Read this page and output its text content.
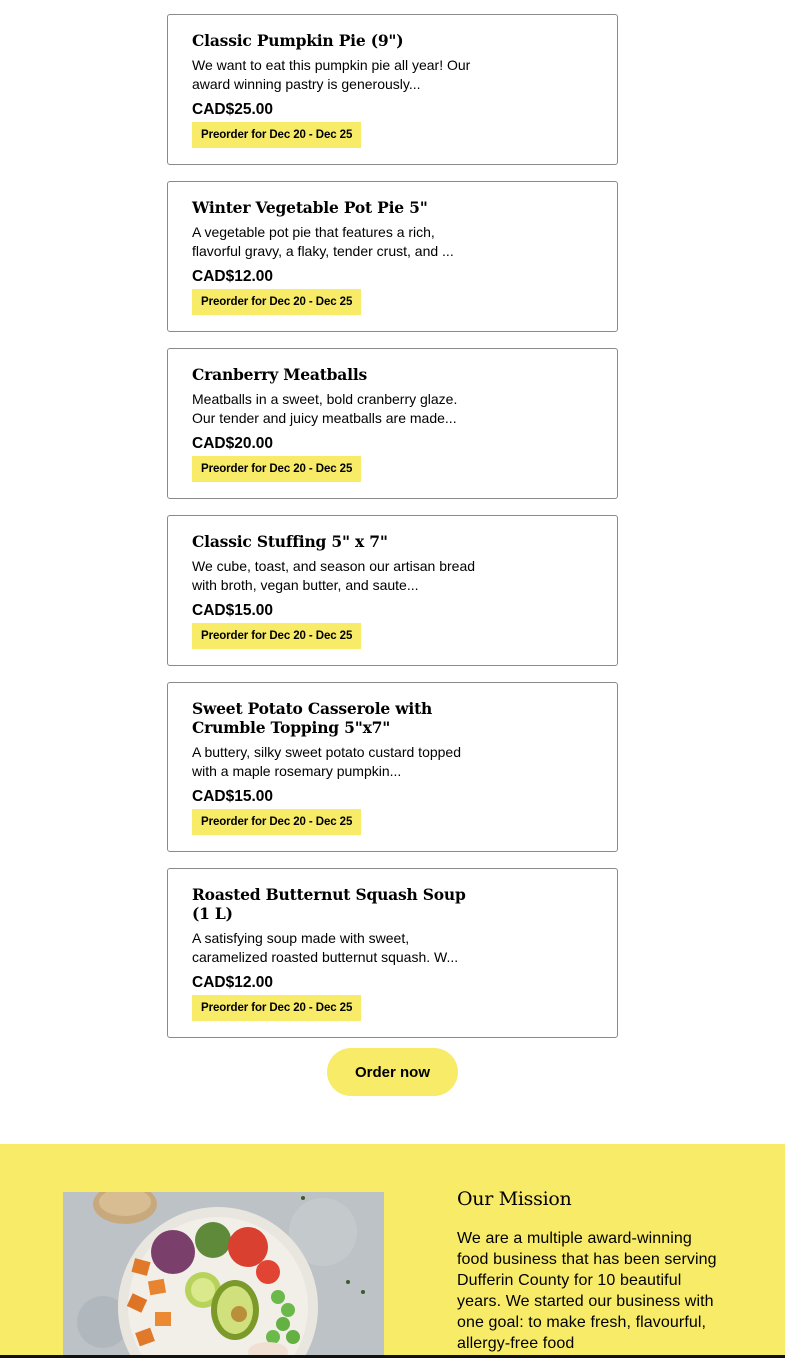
Classic Pumpkin Pie (9")

We want to eat this pumpkin pie all year! Our award winning pastry is generously...

CAD$25.00
Preorder for Dec 20 - Dec 25
Winter Vegetable Pot Pie 5"

A vegetable pot pie that features a rich, flavorful gravy, a flaky, tender crust, and ...

CAD$12.00
Preorder for Dec 20 - Dec 25
Cranberry Meatballs

Meatballs in a sweet, bold cranberry glaze. Our tender and juicy meatballs are made...

CAD$20.00
Preorder for Dec 20 - Dec 25
Classic Stuffing 5" x 7"

We cube, toast, and season our artisan bread with broth, vegan butter, and saute...

CAD$15.00
Preorder for Dec 20 - Dec 25
Sweet Potato Casserole with Crumble Topping 5"x7"

A buttery, silky sweet potato custard topped with a maple rosemary pumpkin...

CAD$15.00
Preorder for Dec 20 - Dec 25
Roasted Butternut Squash Soup (1 L)

A satisfying soup made with sweet, caramelized roasted butternut squash. W...

CAD$12.00
Preorder for Dec 20 - Dec 25
Order now
Our Mission

We are a multiple award-winning food business that has been serving Dufferin County for 10 beautiful years. We started our business with one goal: to make fresh, flavourful, allergy-free food
